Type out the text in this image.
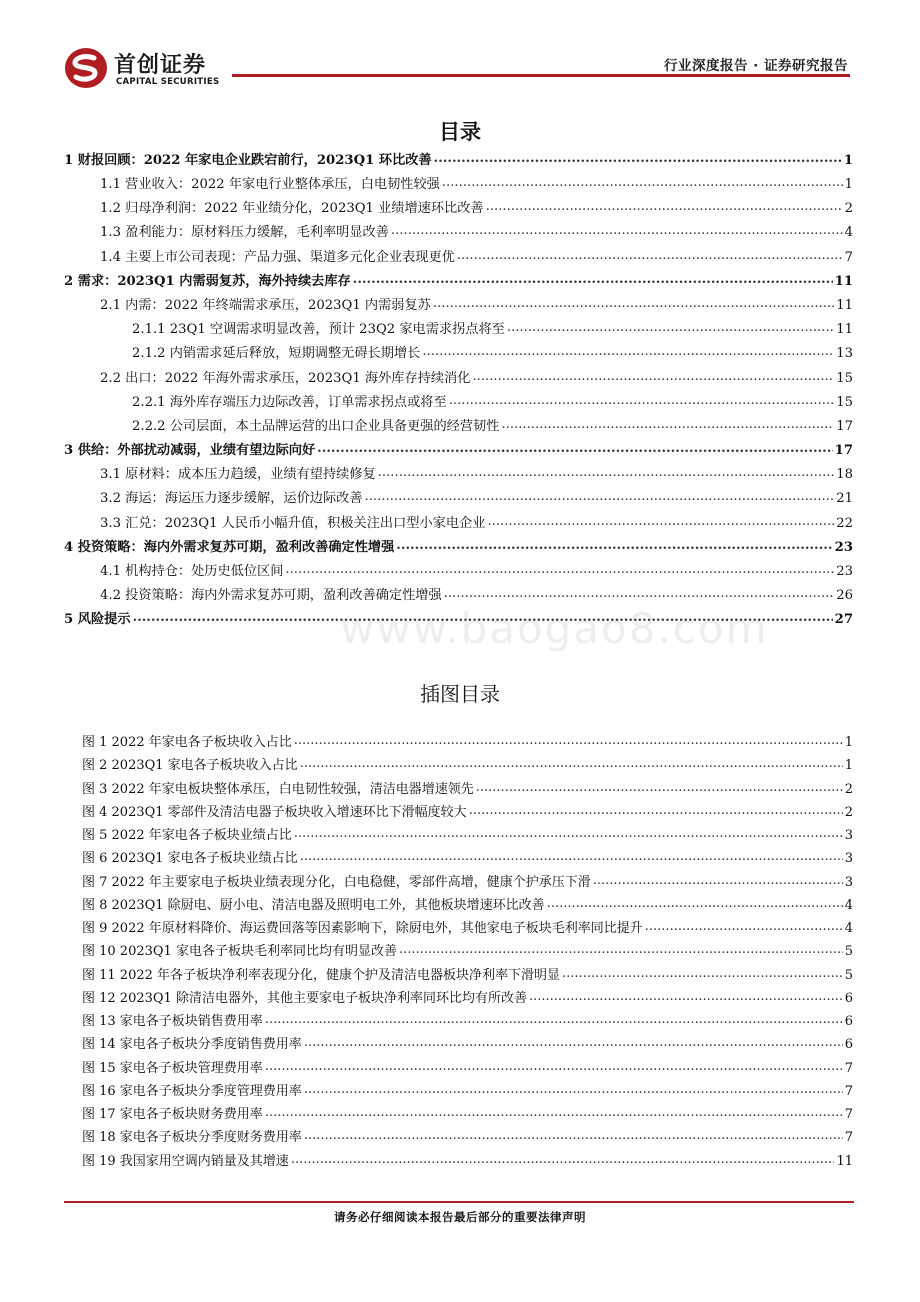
首创证券
CAPITAL SECURITIES
行业深度报告 · 证券研究报告
目录
1 财报回顾：2022 年家电企业跌宕前行，2023Q1 环比改善 .....	1
1.1 营业收入：2022 年家电行业整体承压，白电韧性较强 .....	1
1.2 归母净利润：2022 年业绩分化，2023Q1 业绩增速环比改善 .....	2
1.3 盈利能力：原材料压力缓解，毛利率明显改善 .....	4
1.4 主要上市公司表现：产品力强、渠道多元化企业表现更优 .....	7
2 需求：2023Q1 内需弱复苏，海外持续去库存 .....	11
2.1 内需：2022 年终端需求承压，2023Q1 内需弱复苏 .....	11
2.1.1 23Q1 空调需求明显改善，预计 23Q2 家电需求拐点将至 .....	11
2.1.2 内销需求延后释放，短期调整无碍长期增长 .....	13
2.2 出口：2022 年海外需求承压，2023Q1 海外库存持续消化 .....	15
2.2.1 海外库存端压力边际改善，订单需求拐点或将至 .....	15
2.2.2 公司层面，本土品牌运营的出口企业具备更强的经营韧性 .....	17
3 供给：外部扰动减弱，业绩有望边际向好 .....	17
3.1 原材料：成本压力趋缓，业绩有望持续修复 .....	18
3.2 海运：海运压力逐步缓解，运价边际改善 .....	21
3.3 汇兑：2023Q1 人民币小幅升值，积极关注出口型小家电企业 .....	22
4 投资策略：海内外需求复苏可期，盈利改善确定性增强 .....	23
4.1 机构持仓：处历史低位区间 .....	23
4.2 投资策略：海内外需求复苏可期，盈利改善确定性增强 .....	26
5 风险提示 .....	27
www.baogao8.com
插图目录
图 1 2022 年家电各子板块收入占比 .....	1
图 2 2023Q1 家电各子板块收入占比 .....	1
图 3 2022 年家电板块整体承压，白电韧性较强，清洁电器增速领先 .....	2
图 4 2023Q1 零部件及清洁电器子板块收入增速环比下滑幅度较大 .....	2
图 5 2022 年家电各子板块业绩占比 .....	3
图 6 2023Q1 家电各子板块业绩占比 .....	3
图 7 2022 年主要家电子板块业绩表现分化，白电稳健，零部件高增，健康个护承压下滑 .....	3
图 8 2023Q1 除厨电、厨小电、清洁电器及照明电工外，其他板块增速环比改善 .....	4
图 9 2022 年原材料降价、海运费回落等因素影响下，除厨电外，其他家电子板块毛利率同比提升 .....	4
图 10 2023Q1 家电各子板块毛利率同比均有明显改善 .....	5
图 11 2022 年各子板块净利率表现分化，健康个护及清洁电器板块净利率下滑明显 .....	5
图 12 2023Q1 除清洁电器外，其他主要家电子板块净利率同环比均有所改善 .....	6
图 13 家电各子板块销售费用率 .....	6
图 14 家电各子板块分季度销售费用率 .....	6
图 15 家电各子板块管理费用率 .....	7
图 16 家电各子板块分季度管理费用率 .....	7
图 17 家电各子板块财务费用率 .....	7
图 18 家电各子板块分季度财务费用率 .....	7
图 19 我国家用空调内销量及其增速 .....	11
请务必仔细阅读本报告最后部分的重要法律声明
